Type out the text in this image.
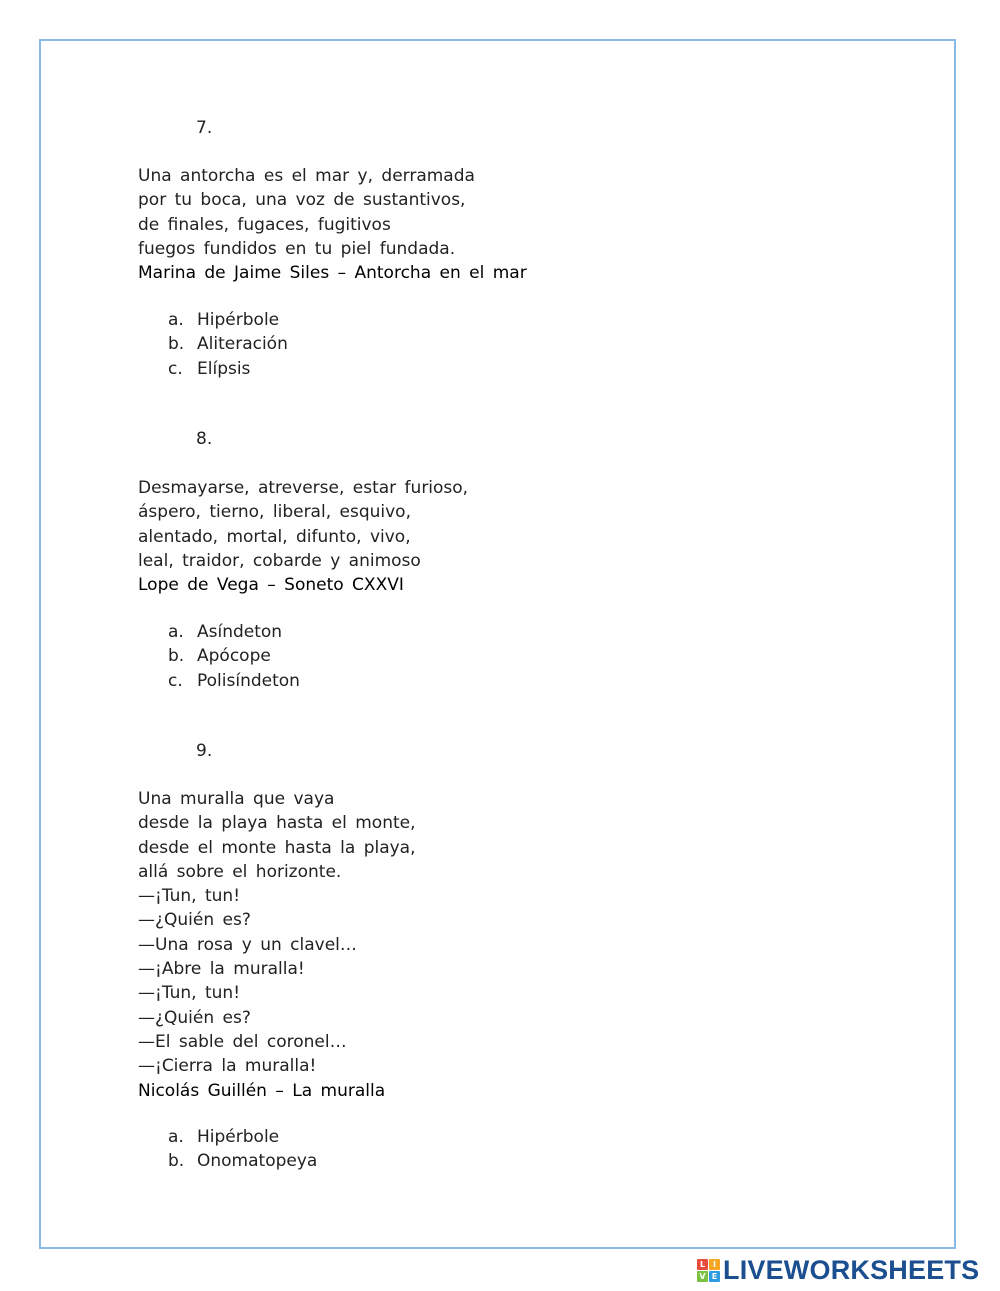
7.
Una antorcha es el mar y, derramada
por tu boca, una voz de sustantivos,
de finales, fugaces, fugitivos
fuegos fundidos en tu piel fundada.
Marina de Jaime Siles – Antorcha en el mar
a. Hipérbole
b. Aliteración
c. Elípsis
8.
Desmayarse, atreverse, estar furioso,
áspero, tierno, liberal, esquivo,
alentado, mortal, difunto, vivo,
leal, traidor, cobarde y animoso
Lope de Vega – Soneto CXXVI
a. Asíndeton
b. Apócope
c. Polisíndeton
9.
Una muralla que vaya
desde la playa hasta el monte,
desde el monte hasta la playa,
allá sobre el horizonte.
—¡Tun, tun!
—¿Quién es?
—Una rosa y un clavel…
—¡Abre la muralla!
—¡Tun, tun!
—¿Quién es?
—El sable del coronel…
—¡Cierra la muralla!
Nicolás Guillén – La muralla
a. Hipérbole
b. Onomatopeya
L I
V E LIVEWORKSHEETS
